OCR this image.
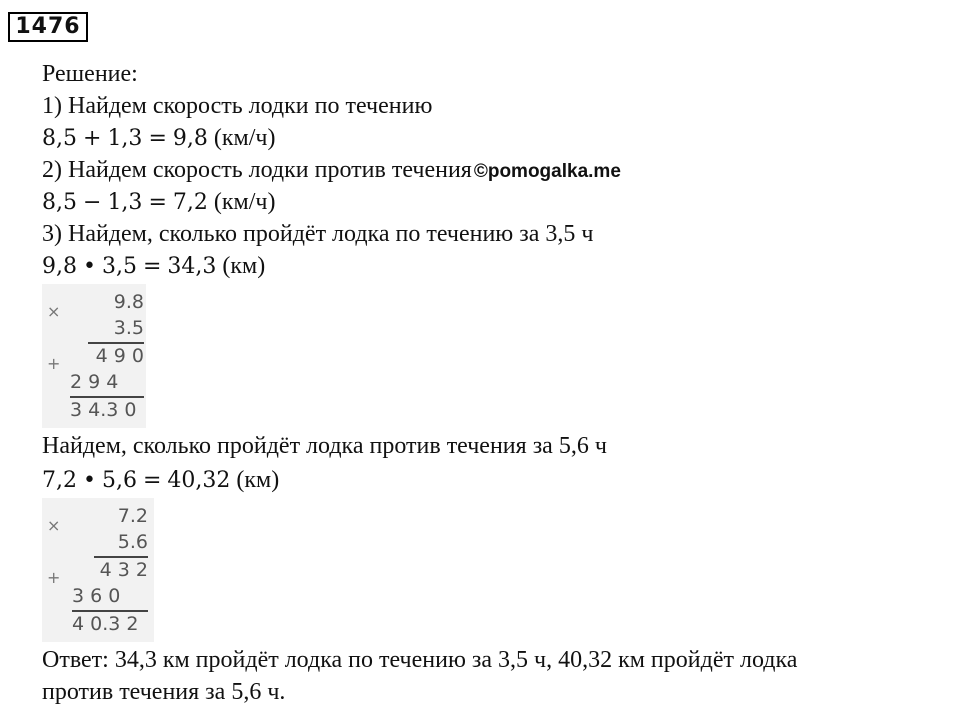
1476
Решение:
1) Найдем скорость лодки по течению
8,5 + 1,3 = 9,8 (км/ч)
2) Найдем скорость лодки против течения ©pomogalka.me
8,5 − 1,3 = 7,2 (км/ч)
3) Найдем, сколько пройдёт лодка по течению за 3,5 ч
9,8 • 3,5 = 34,3 (км)
×	9.8
3.5
+ 4 9 0
2 9 4
3 4.3 0
Найдем, сколько пройдёт лодка против течения за 5,6 ч
7,2 • 5,6 = 40,32 (км)
×	7.2
5.6
+ 4 3 2
3 6 0
4 0.3 2
Ответ: 34,3 км пройдёт лодка по течению за 3,5 ч, 40,32 км пройдёт лодка
против течения за 5,6 ч.
